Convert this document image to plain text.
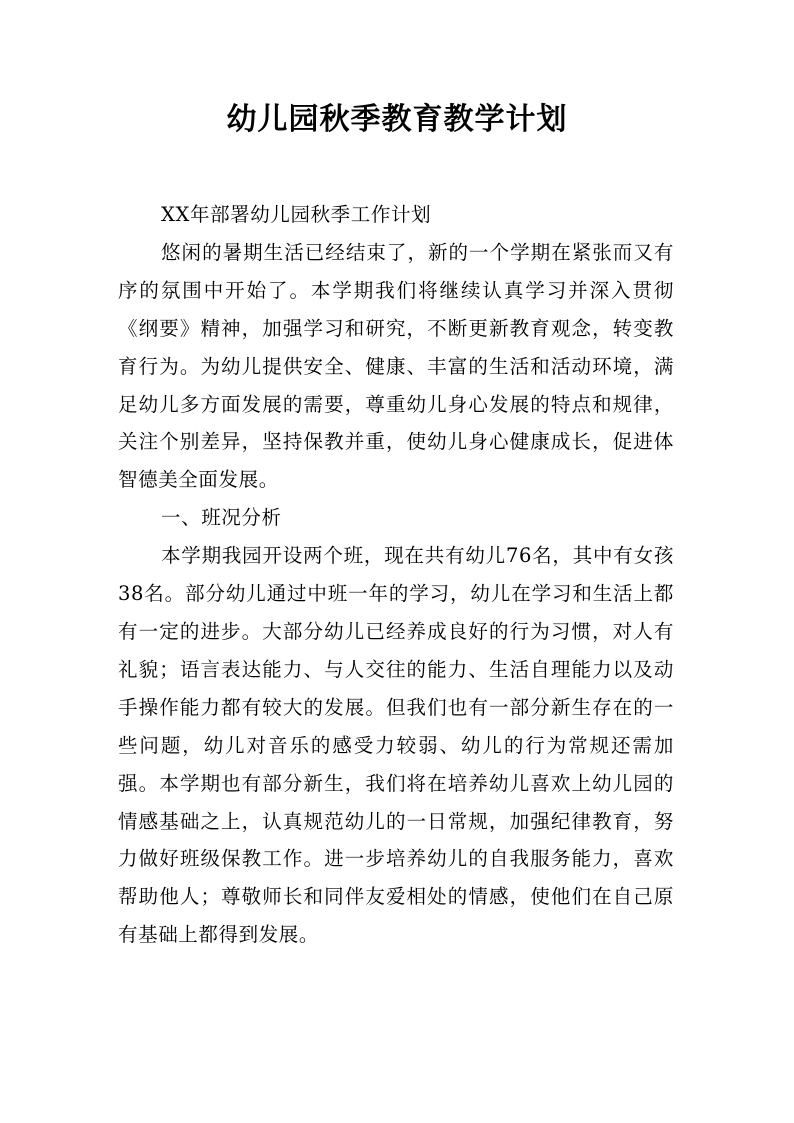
幼儿园秋季教育教学计划

XX年部署幼儿园秋季工作计划

悠闲的暑期生活已经结束了，新的一个学期在紧张而又有序的氛围中开始了。本学期我们将继续认真学习并深入贯彻《纲要》精神，加强学习和研究，不断更新教育观念，转变教育行为。为幼儿提供安全、健康、丰富的生活和活动环境，满足幼儿多方面发展的需要，尊重幼儿身心发展的特点和规律，关注个别差异，坚持保教并重，使幼儿身心健康成长，促进体智德美全面发展。

一、班况分析

本学期我园开设两个班，现在共有幼儿76名，其中有女孩38名。部分幼儿通过中班一年的学习，幼儿在学习和生活上都有一定的进步。大部分幼儿已经养成良好的行为习惯，对人有礼貌；语言表达能力、与人交往的能力、生活自理能力以及动手操作能力都有较大的发展。但我们也有一部分新生存在的一些问题，幼儿对音乐的感受力较弱、幼儿的行为常规还需加强。本学期也有部分新生，我们将在培养幼儿喜欢上幼儿园的情感基础之上，认真规范幼儿的一日常规，加强纪律教育，努力做好班级保教工作。进一步培养幼儿的自我服务能力，喜欢帮助他人；尊敬师长和同伴友爱相处的情感，使他们在自己原有基础上都得到发展。
